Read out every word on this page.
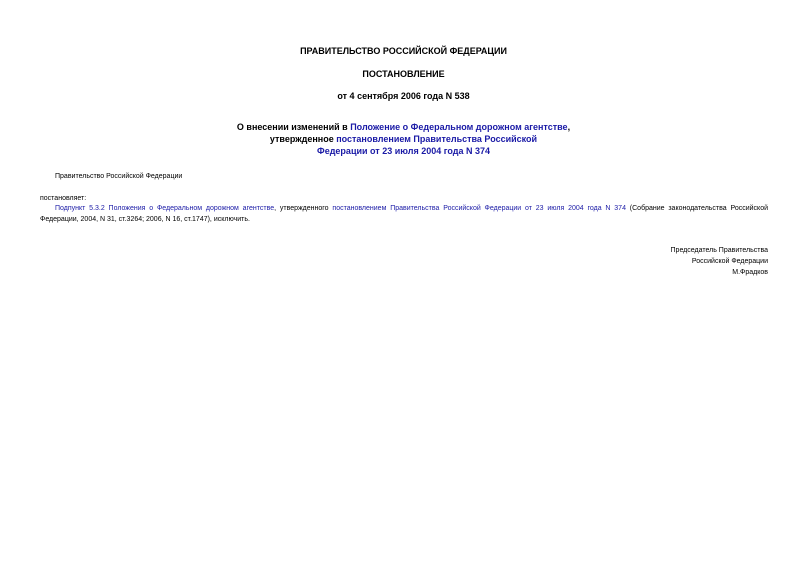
ПРАВИТЕЛЬСТВО РОССИЙСКОЙ ФЕДЕРАЦИИ
ПОСТАНОВЛЕНИЕ
от 4 сентября 2006 года N 538
О внесении изменений в Положение о Федеральном дорожном агентстве,
утвержденное постановлением Правительства Российской
Федерации от 23 июля 2004 года N 374
Правительство Российской Федерации
постановляет:
Подпункт 5.3.2 Положения о Федеральном дорожном агентстве, утвержденного постановлением Правительства Российской Федерации от 23 июля 2004 года N 374 (Собрание законодательства Российской Федерации, 2004, N 31, ст.3264; 2006, N 16, ст.1747), исключить.
Председатель Правительства
Российской Федерации
М.Фрадков
